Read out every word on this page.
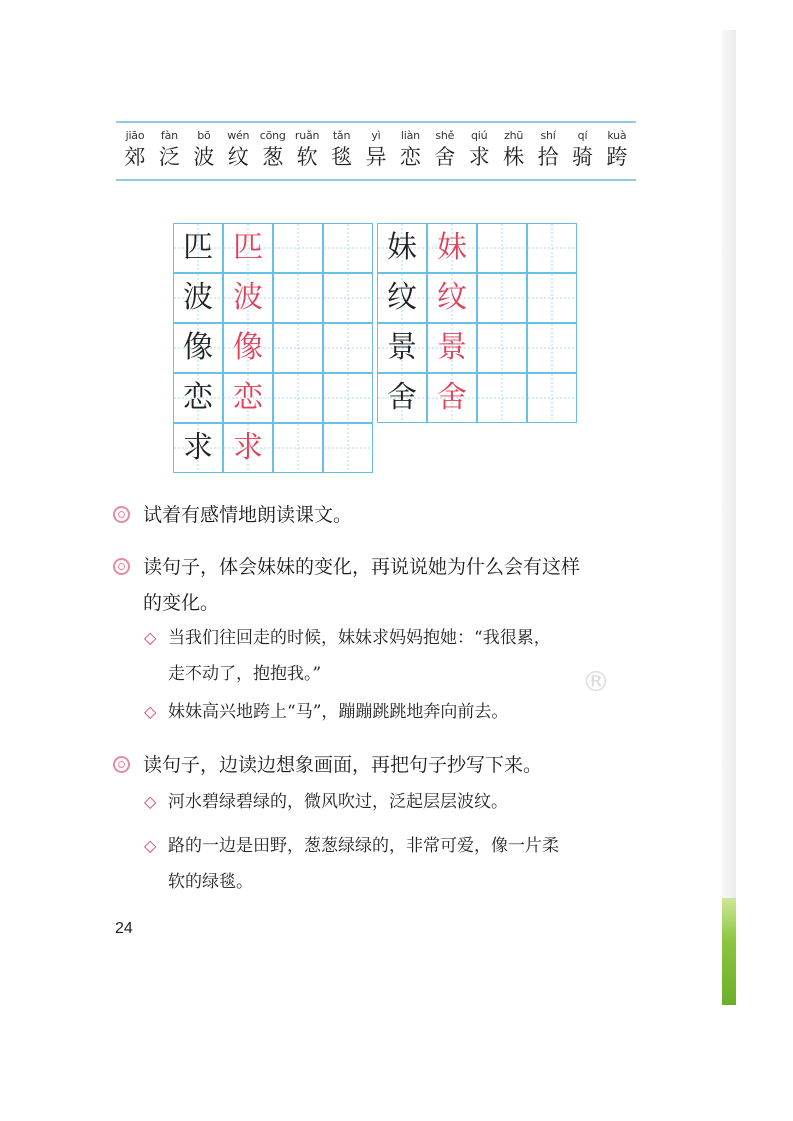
jiāo
郊
fàn
泛
bō
波
wén
纹
cōng
葱
ruǎn
软
tǎn
毯
yì
异
liàn
恋
shě
舍
qiú
求
zhū
株
shí
拾
qí
骑
kuà
跨
匹 匹
波 波
像 像
恋 恋
求 求
妹 妹
纹 纹
景 景
舍 舍
®
试着有感情地朗读课文。
读句子，体会妹妹的变化，再说说她为什么会有这样
的变化。
◇ 当我们往回走的时候，妹妹求妈妈抱她：“我很累，
走不动了，抱抱我。”
◇ 妹妹高兴地跨上“马”，蹦蹦跳跳地奔向前去。
读句子，边读边想象画面，再把句子抄写下来。
◇ 河水碧绿碧绿的，微风吹过，泛起层层波纹。
◇ 路的一边是田野，葱葱绿绿的，非常可爱，像一片柔
软的绿毯。
24
